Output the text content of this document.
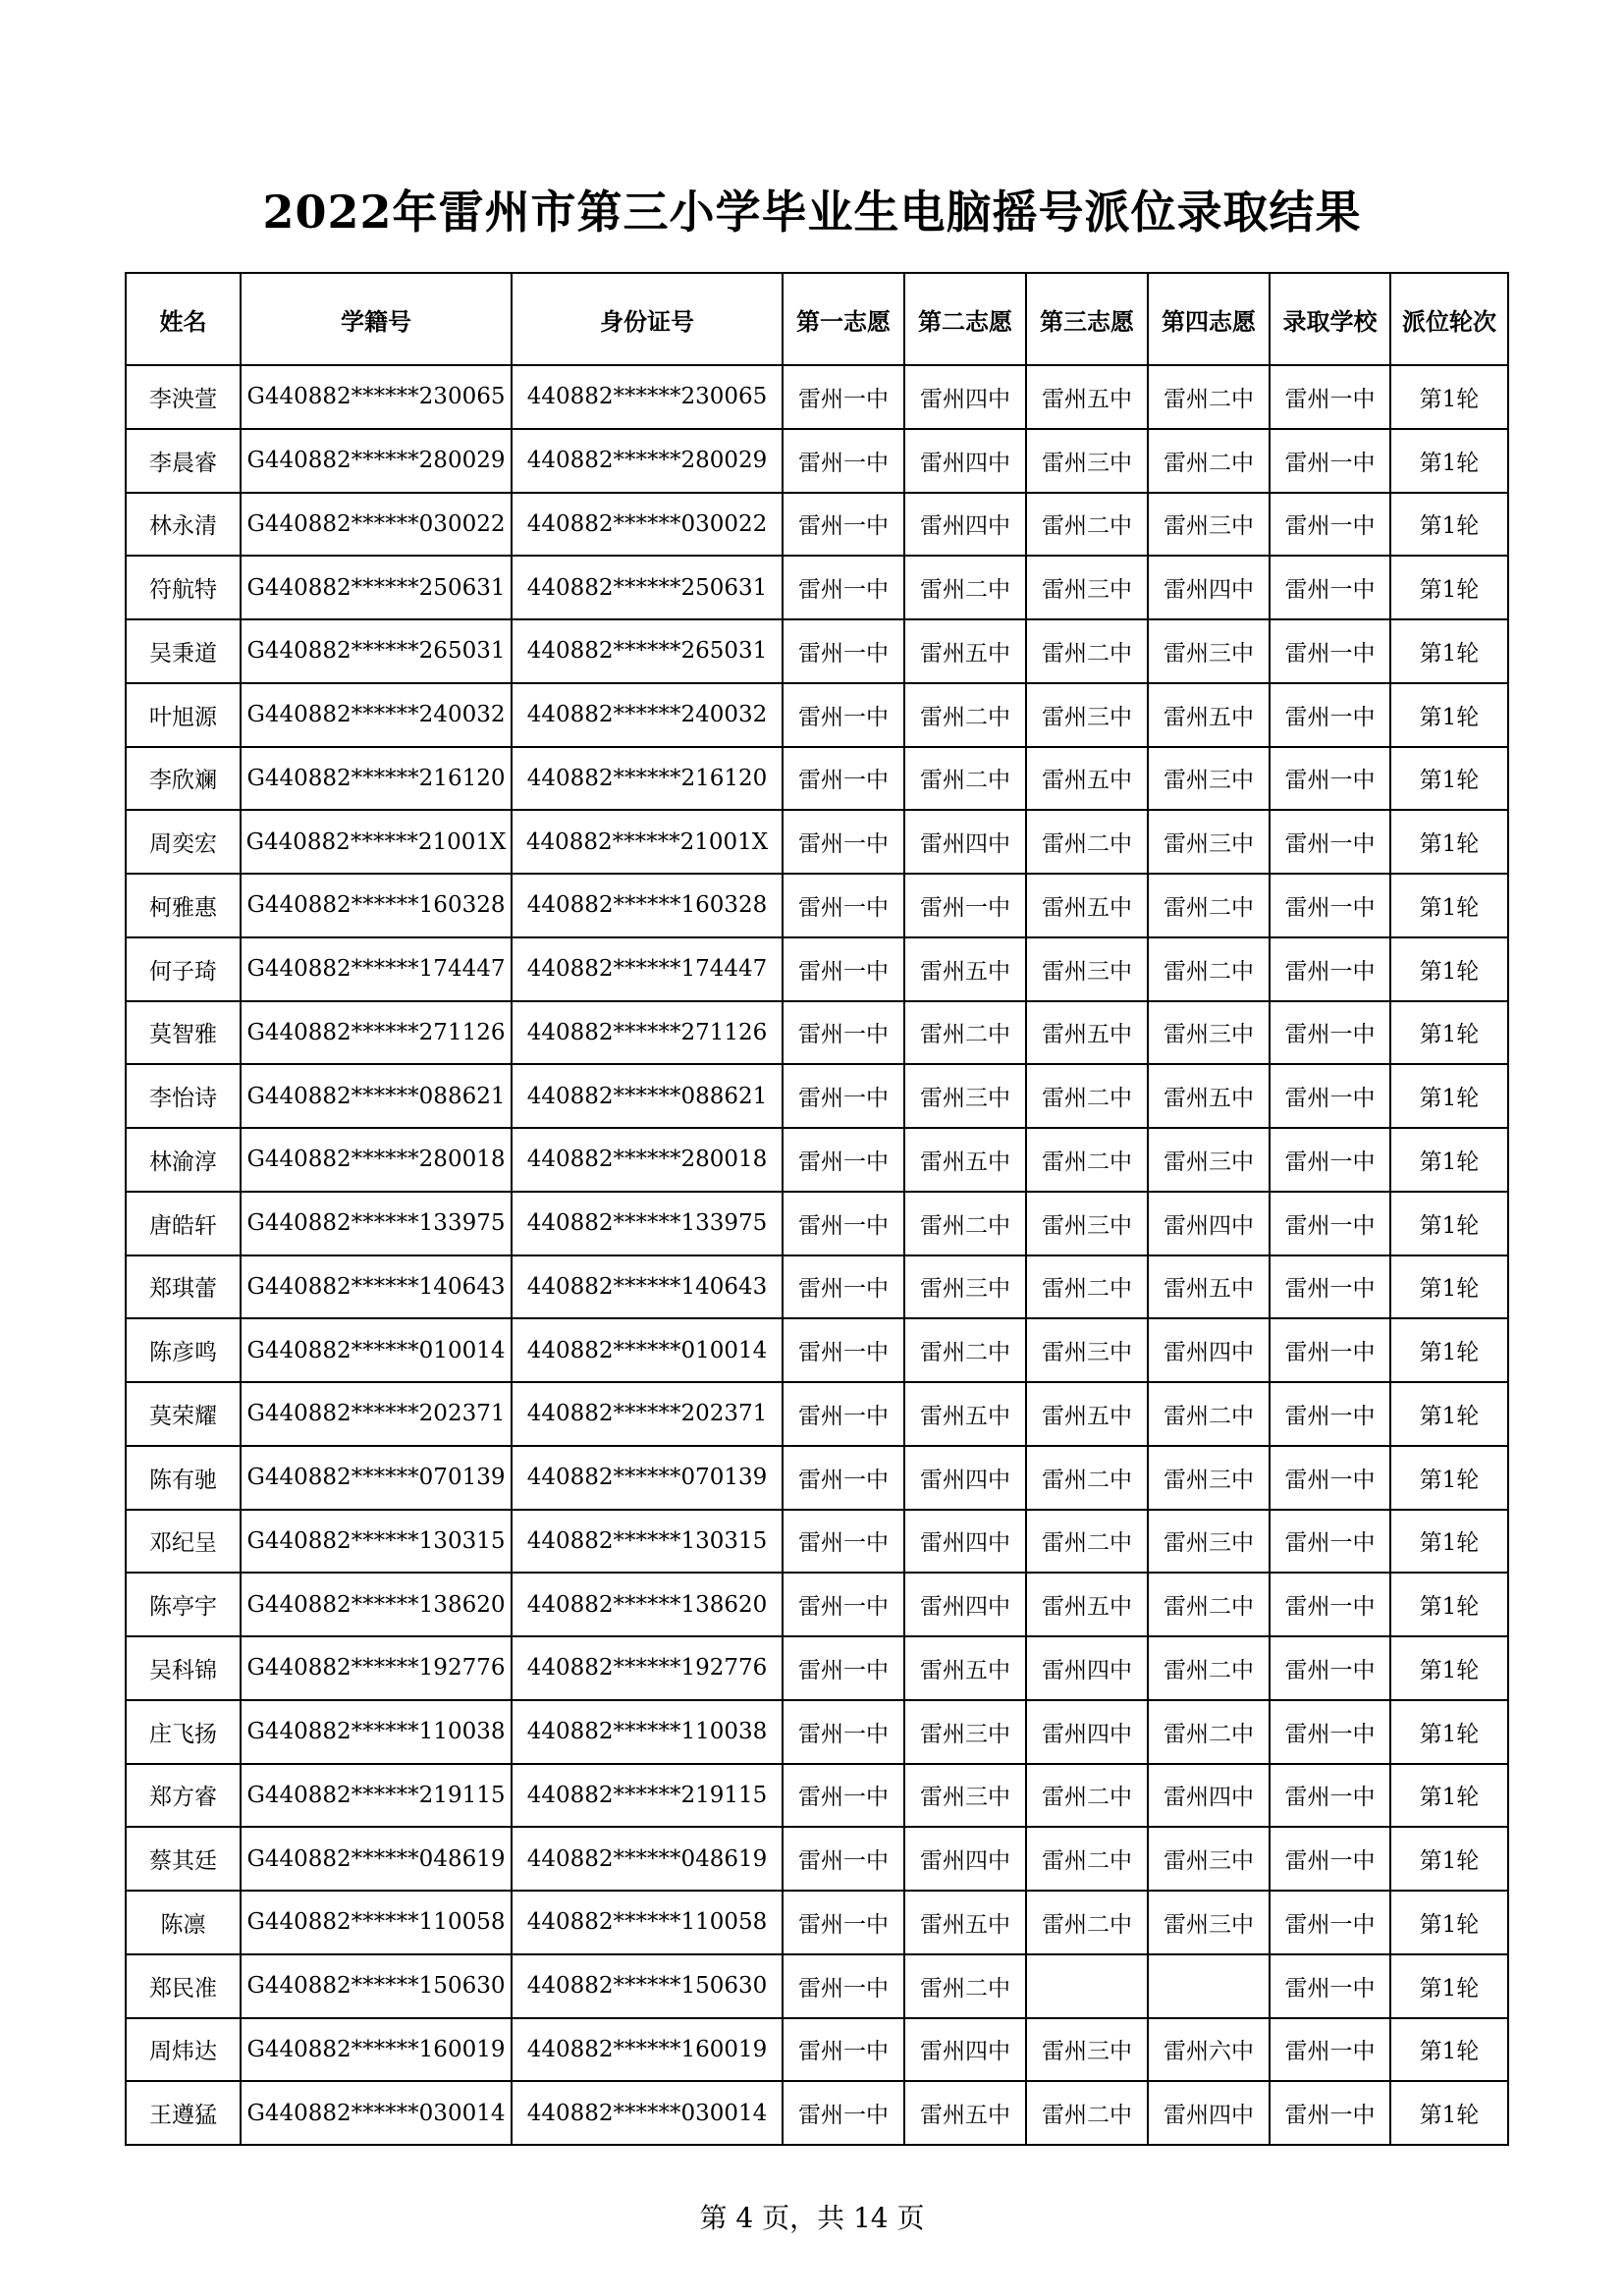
2022年雷州市第三小学毕业生电脑摇号派位录取结果
姓名	学籍号	身份证号	第一志愿	第二志愿	第三志愿	第四志愿	录取学校	派位轮次
李泱萱	G440882******230065	440882******230065	雷州一中	雷州四中	雷州五中	雷州二中	雷州一中	第1轮
李晨睿	G440882******280029	440882******280029	雷州一中	雷州四中	雷州三中	雷州二中	雷州一中	第1轮
林永清	G440882******030022	440882******030022	雷州一中	雷州四中	雷州二中	雷州三中	雷州一中	第1轮
符航特	G440882******250631	440882******250631	雷州一中	雷州二中	雷州三中	雷州四中	雷州一中	第1轮
吴秉道	G440882******265031	440882******265031	雷州一中	雷州五中	雷州二中	雷州三中	雷州一中	第1轮
叶旭源	G440882******240032	440882******240032	雷州一中	雷州二中	雷州三中	雷州五中	雷州一中	第1轮
李欣斓	G440882******216120	440882******216120	雷州一中	雷州二中	雷州五中	雷州三中	雷州一中	第1轮
周奕宏	G440882******21001X	440882******21001X	雷州一中	雷州四中	雷州二中	雷州三中	雷州一中	第1轮
柯雅惠	G440882******160328	440882******160328	雷州一中	雷州一中	雷州五中	雷州二中	雷州一中	第1轮
何子琦	G440882******174447	440882******174447	雷州一中	雷州五中	雷州三中	雷州二中	雷州一中	第1轮
莫智雅	G440882******271126	440882******271126	雷州一中	雷州二中	雷州五中	雷州三中	雷州一中	第1轮
李怡诗	G440882******088621	440882******088621	雷州一中	雷州三中	雷州二中	雷州五中	雷州一中	第1轮
林渝淳	G440882******280018	440882******280018	雷州一中	雷州五中	雷州二中	雷州三中	雷州一中	第1轮
唐皓轩	G440882******133975	440882******133975	雷州一中	雷州二中	雷州三中	雷州四中	雷州一中	第1轮
郑琪蕾	G440882******140643	440882******140643	雷州一中	雷州三中	雷州二中	雷州五中	雷州一中	第1轮
陈彦鸣	G440882******010014	440882******010014	雷州一中	雷州二中	雷州三中	雷州四中	雷州一中	第1轮
莫荣耀	G440882******202371	440882******202371	雷州一中	雷州五中	雷州五中	雷州二中	雷州一中	第1轮
陈有驰	G440882******070139	440882******070139	雷州一中	雷州四中	雷州二中	雷州三中	雷州一中	第1轮
邓纪呈	G440882******130315	440882******130315	雷州一中	雷州四中	雷州二中	雷州三中	雷州一中	第1轮
陈亭宇	G440882******138620	440882******138620	雷州一中	雷州四中	雷州五中	雷州二中	雷州一中	第1轮
吴科锦	G440882******192776	440882******192776	雷州一中	雷州五中	雷州四中	雷州二中	雷州一中	第1轮
庄飞扬	G440882******110038	440882******110038	雷州一中	雷州三中	雷州四中	雷州二中	雷州一中	第1轮
郑方睿	G440882******219115	440882******219115	雷州一中	雷州三中	雷州二中	雷州四中	雷州一中	第1轮
蔡其廷	G440882******048619	440882******048619	雷州一中	雷州四中	雷州二中	雷州三中	雷州一中	第1轮
陈凛	G440882******110058	440882******110058	雷州一中	雷州五中	雷州二中	雷州三中	雷州一中	第1轮
郑民准	G440882******150630	440882******150630	雷州一中	雷州二中			雷州一中	第1轮
周炜达	G440882******160019	440882******160019	雷州一中	雷州四中	雷州三中	雷州六中	雷州一中	第1轮
王遵猛	G440882******030014	440882******030014	雷州一中	雷州五中	雷州二中	雷州四中	雷州一中	第1轮
第 4 页，共 14 页
